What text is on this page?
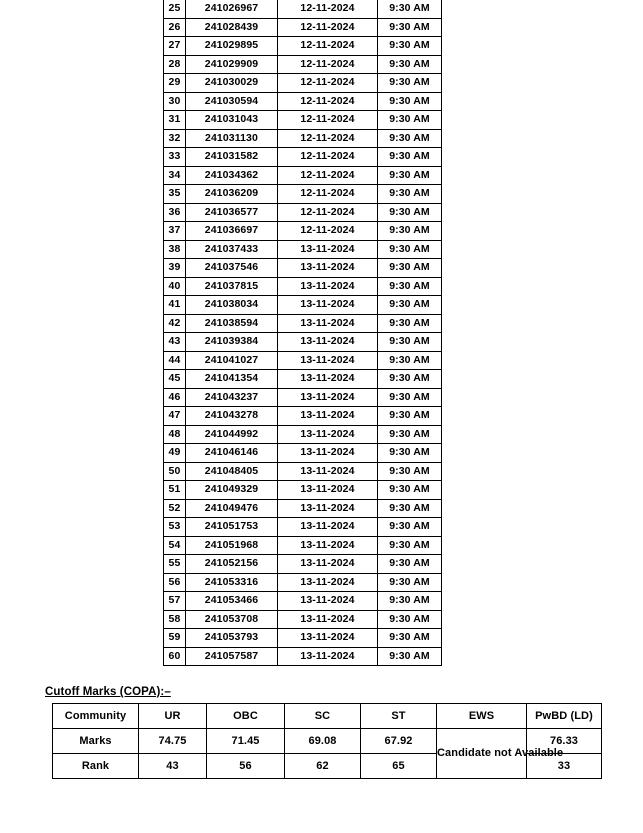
25	241026967	12-11-2024	9:30 AM
26	241028439	12-11-2024	9:30 AM
27	241029895	12-11-2024	9:30 AM
28	241029909	12-11-2024	9:30 AM
29	241030029	12-11-2024	9:30 AM
30	241030594	12-11-2024	9:30 AM
31	241031043	12-11-2024	9:30 AM
32	241031130	12-11-2024	9:30 AM
33	241031582	12-11-2024	9:30 AM
34	241034362	12-11-2024	9:30 AM
35	241036209	12-11-2024	9:30 AM
36	241036577	12-11-2024	9:30 AM
37	241036697	12-11-2024	9:30 AM
38	241037433	13-11-2024	9:30 AM
39	241037546	13-11-2024	9:30 AM
40	241037815	13-11-2024	9:30 AM
41	241038034	13-11-2024	9:30 AM
42	241038594	13-11-2024	9:30 AM
43	241039384	13-11-2024	9:30 AM
44	241041027	13-11-2024	9:30 AM
45	241041354	13-11-2024	9:30 AM
46	241043237	13-11-2024	9:30 AM
47	241043278	13-11-2024	9:30 AM
48	241044992	13-11-2024	9:30 AM
49	241046146	13-11-2024	9:30 AM
50	241048405	13-11-2024	9:30 AM
51	241049329	13-11-2024	9:30 AM
52	241049476	13-11-2024	9:30 AM
53	241051753	13-11-2024	9:30 AM
54	241051968	13-11-2024	9:30 AM
55	241052156	13-11-2024	9:30 AM
56	241053316	13-11-2024	9:30 AM
57	241053466	13-11-2024	9:30 AM
58	241053708	13-11-2024	9:30 AM
59	241053793	13-11-2024	9:30 AM
60	241057587	13-11-2024	9:30 AM
Cutoff Marks (COPA):–
Community	UR	OBC	SC	ST	EWS	PwBD (LD)
Marks	74.75	71.45	69.08	67.92	Candidate not Available	76.33
Rank	43	56	62	65		33
